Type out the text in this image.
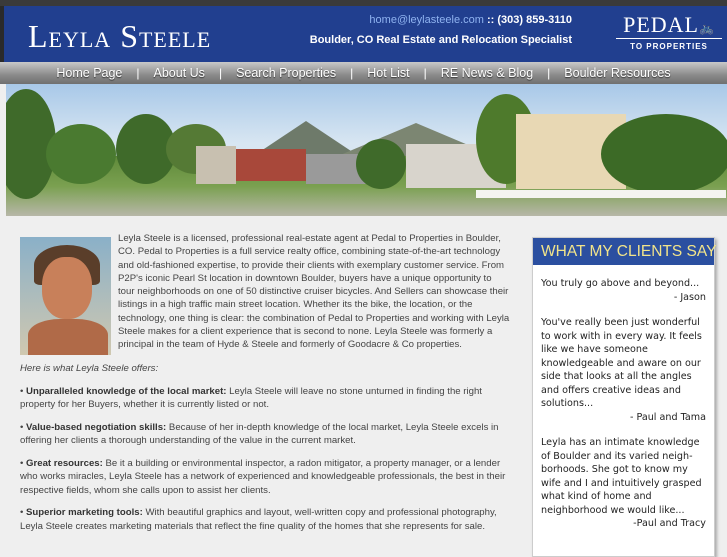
Leyla Steele	home@leylasteele.com :: (303) 859-3110
Boulder, CO Real Estate and Relocation Specialist
PEDAL🚲
TO PROPERTIES
Home Page	|	About Us	|	Search Properties	|	Hot List	|	RE News & Blog	|	Boulder Resources
Leyla Steele is a licensed, professional real-estate agent at Pedal to Properties in Boulder, CO. Pedal to Properties is a full service realty office, combining state-of-the-art technology and old-fashioned expertise, to provide their clients with exemplary customer service. From P2P's iconic Pearl St location in downtown Boulder, buyers have a unique opportunity to tour neighborhoods on one of 50 distinctive cruiser bicycles. And Sellers can showcase their listings in a high traffic main street location. Whether its the bike, the location, or the technology, one thing is clear: the combination of Pedal to Properties and working with Leyla Steele makes for a client experience that is second to none. Leyla Steele was formerly a principal in the team of Hyde & Steele and formerly of Goodacre & Co properties.
Here is what Leyla Steele offers:

• Unparalleled knowledge of the local market: Leyla Steele will leave no stone unturned in finding the right property for her Buyers, whether it is currently listed or not.

• Value-based negotiation skills: Because of her in-depth knowledge of the local market, Leyla Steele excels in offering her clients a thorough understanding of the value in the current market.

• Great resources: Be it a building or environmental inspector, a radon mitigator, a property manager, or a lender who works miracles, Leyla Steele has a network of experienced and knowledgeable professionals, the best in their respective fields, whom she calls upon to assist her clients.

• Superior marketing tools: With beautiful graphics and layout, well-written copy and professional photography, Leyla Steele creates marketing materials that reflect the fine quality of the homes that she represents for sale.

WHAT MY CLIENTS SAY
You truly go above and beyond...
- Jason
You've really been just wonderful to work with in every way. It feels like we have someone knowledgeable and aware on our side that looks at all the angles and offers creative ideas and solutions...
- Paul and Tama
Leyla has an intimate knowledge of Boulder and its varied neigh-borhoods. She got to know my wife and I and intuitively grasped what kind of home and neighborhood we would like...
-Paul and Tracy
